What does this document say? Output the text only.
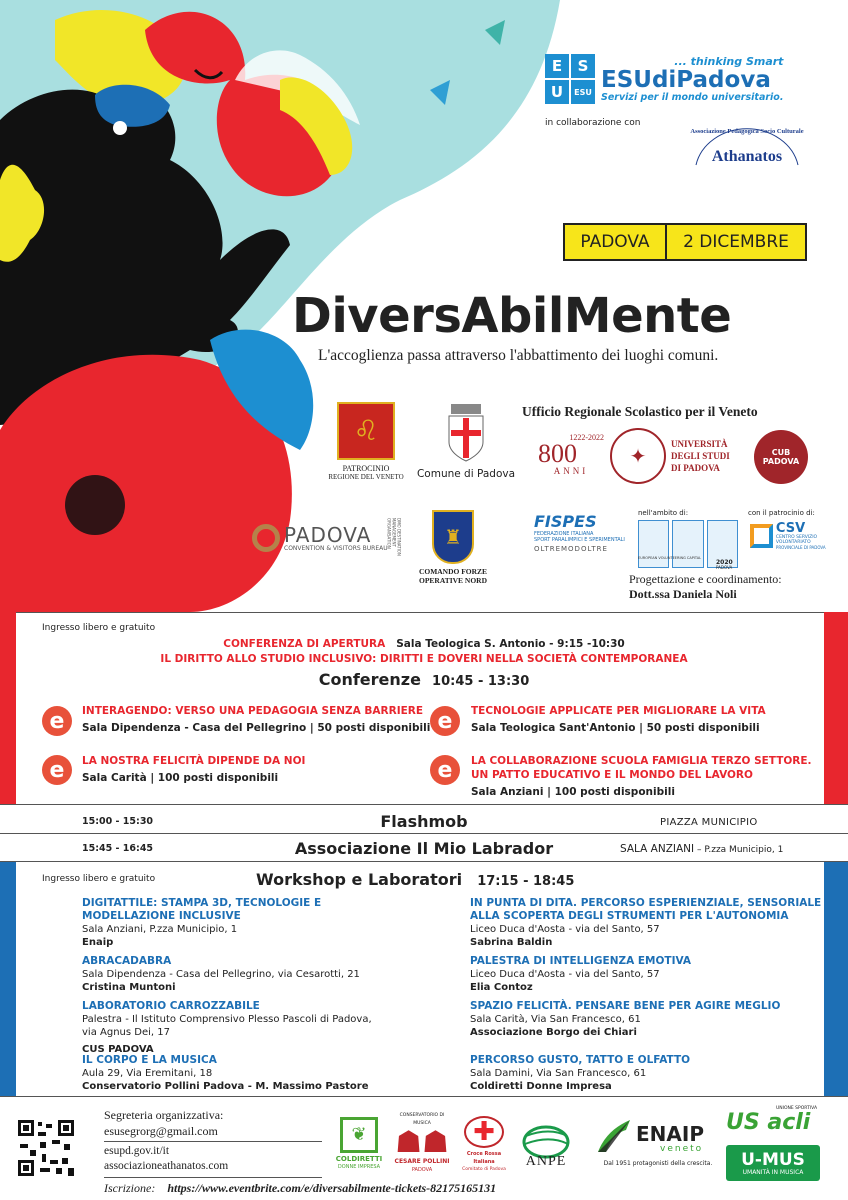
E	S
U	ESU
... thinking Smart
ESUdiPadova
Servizi per il mondo universitario.
in collaborazione con
Associazione Pedagogica Socio Culturale
Athanatos
PADOVA	2 DICEMBRE
DiversAbilMente
L'accoglienza passa attraverso l'abbattimento dei luoghi comuni.
♌
PATROCINIO
REGIONE DEL VENETO Comune di Padova
Ufficio Regionale Scolastico per il Veneto
1222-2022
800
ANNI
✦	UNIVERSITÀ
DEGLI STUDI
DI PADOVA
CUB PADOVA
PADOVA
CONVENTION & VISITORS BUREAU	DMO DESTINATION MANAGEMENT ORGANISATION	♜
COMANDO FORZE
OPERATIVE NORD
FISPES
FEDERAZIONE ITALIANA
SPORT PARALIMPICI E SPERIMENTALI
OLTREMODOLTRE
nell'ambito di:
EUROPEAN VOLUNTEERING CAPITAL
2020
PADOVA
con il patrocinio di:
CSV
CENTRO SERVIZIO VOLONTARIATO
PROVINCIALE DI PADOVA
Progettazione e coordinamento:
Dott.ssa Daniela Noli
Ingresso libero e gratuito
CONFERENZA DI APERTURA Sala Teologica S. Antonio - 9:15 -10:30
IL DIRITTO ALLO STUDIO INCLUSIVO: DIRITTI E DOVERI NELLA SOCIETÀ CONTEMPORANEA
Conferenze 10:45 - 13:30
e	INTERAGENDO: VERSO UNA PEDAGOGIA SENZA BARRIERE
Sala Dipendenza - Casa del Pellegrino | 50 posti disponibili e	TECNOLOGIE APPLICATE PER MIGLIORARE LA VITA
Sala Teologica Sant'Antonio | 50 posti disponibili
e	LA NOSTRA FELICITÀ DIPENDE DA NOI
Sala Carità | 100 posti disponibili	e	LA COLLABORAZIONE SCUOLA FAMIGLIA TERZO SETTORE.
UN PATTO EDUCATIVO E IL MONDO DEL LAVORO
Sala Anziani | 100 posti disponibili
15:00 - 15:30	Flashmob	PIAZZA MUNICIPIO
15:45 - 16:45	Associazione Il Mio Labrador	SALA ANZIANI – P.zza Municipio, 1
Ingresso libero e gratuito	Workshop e Laboratori 17:15 - 18:45
DIGITATTILE: STAMPA 3D, TECNOLOGIE E
MODELLAZIONE INCLUSIVE
Sala Anziani, P.zza Municipio, 1
Enaip
ABRACADABRA
Sala Dipendenza - Casa del Pellegrino, via Cesarotti, 21
Cristina Muntoni
LABORATORIO CARROZZABILE
Palestra - Il Istituto Comprensivo Plesso Pascoli di Padova,
via Agnus Dei, 17
CUS PADOVA
IL CORPO E LA MUSICA
Aula 29, Via Eremitani, 18
Conservatorio Pollini Padova - M. Massimo Pastore
IN PUNTA DI DITA. PERCORSO ESPERIENZIALE, SENSORIALE
ALLA SCOPERTA DEGLI STRUMENTI PER L'AUTONOMIA
Liceo Duca d'Aosta - via del Santo, 57
Sabrina Baldin
PALESTRA DI INTELLIGENZA EMOTIVA
Liceo Duca d'Aosta - via del Santo, 57
Elia Contoz
SPAZIO FELICITÀ. PENSARE BENE PER AGIRE MEGLIO
Sala Carità, Via San Francesco, 61
Associazione Borgo dei Chiari
PERCORSO GUSTO, TATTO E OLFATTO
Sala Damini, Via San Francesco, 61
Coldiretti Donne Impresa
Segreteria organizzativa:
esusegrorg@gmail.com
esupd.gov.it/it
associazioneathanatos.com
Iscrizione: https://www.eventbrite.com/e/diversabilmente-tickets-82175165131
❦
COLDIRETTI
DONNE IMPRESA
CONSERVATORIO DI MUSICA
☗☗
CESARE POLLINI
PADOVA
✚
Croce Rossa Italiana
Comitato di Padova
ANPE
ENAIP
veneto
Dal 1951 protagonisti della crescita.
UNIONE SPORTIVA
US acli
U-MUS
UMANITÀ IN MUSICA
